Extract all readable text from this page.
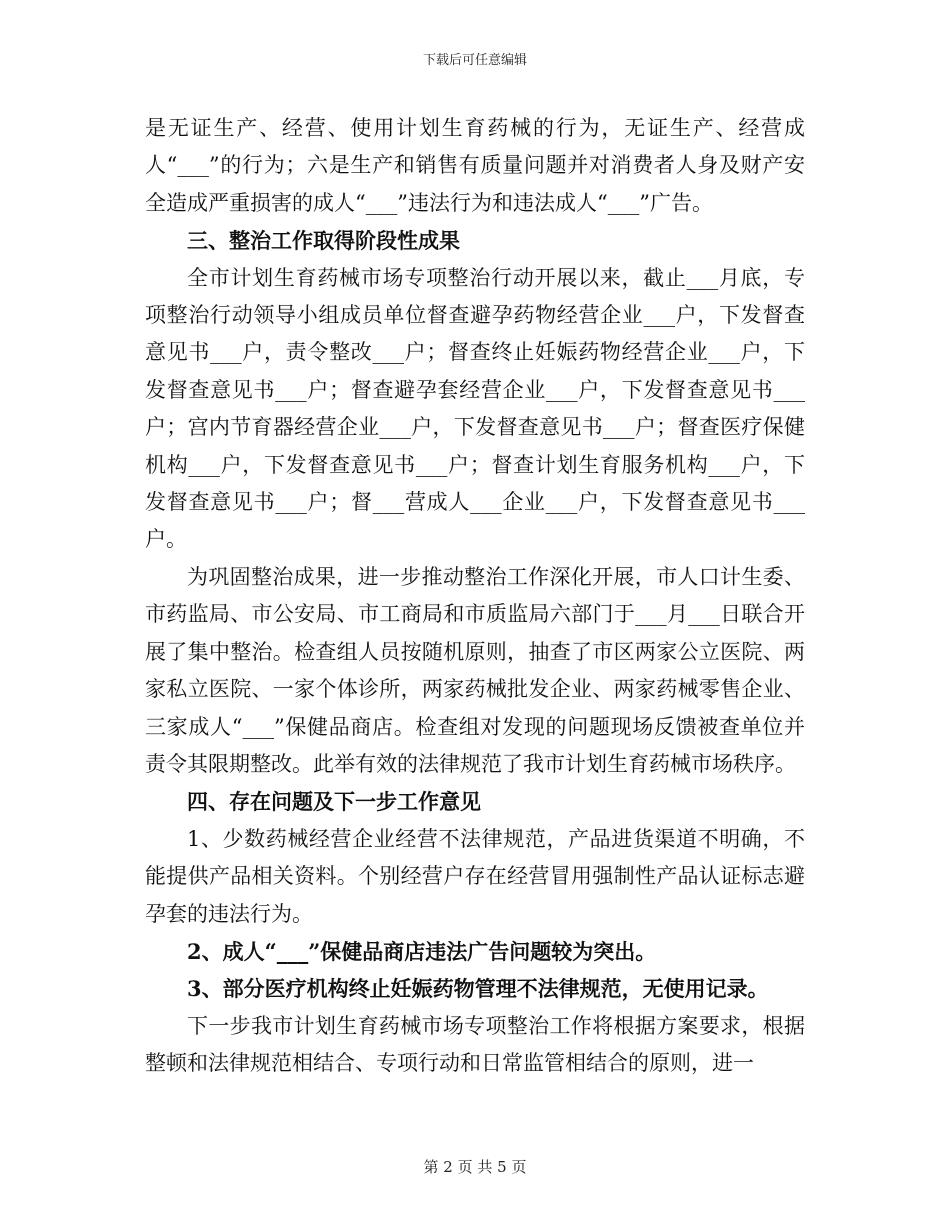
下载后可任意编辑

是无证生产、经营、使用计划生育药械的行为，无证生产、经营成人“___”的行为；六是生产和销售有质量问题并对消费者人身及财产安全造成严重损害的成人“___”违法行为和违法成人“___”广告。

三、整治工作取得阶段性成果

全市计划生育药械市场专项整治行动开展以来，截止___月底，专项整治行动领导小组成员单位督查避孕药物经营企业___户，下发督查意见书___户，责令整改___户；督查终止妊娠药物经营企业___户，下发督查意见书___户；督查避孕套经营企业___户，下发督查意见书___户；宫内节育器经营企业___户，下发督查意见书___户；督查医疗保健机构___户，下发督查意见书___户；督查计划生育服务机构___户，下发督查意见书___户；督___营成人___企业___户，下发督查意见书___户。

为巩固整治成果，进一步推动整治工作深化开展，市人口计生委、市药监局、市公安局、市工商局和市质监局六部门于___月___日联合开展了集中整治。检查组人员按随机原则，抽查了市区两家公立医院、两家私立医院、一家个体诊所，两家药械批发企业、两家药械零售企业、三家成人“___”保健品商店。检查组对发现的问题现场反馈被查单位并责令其限期整改。此举有效的法律规范了我市计划生育药械市场秩序。

四、存在问题及下一步工作意见

1、少数药械经营企业经营不法律规范，产品进货渠道不明确，不能提供产品相关资料。个别经营户存在经营冒用强制性产品认证标志避孕套的违法行为。

2、成人“___”保健品商店违法广告问题较为突出。

3、部分医疗机构终止妊娠药物管理不法律规范，无使用记录。

下一步我市计划生育药械市场专项整治工作将根据方案要求，根据整顿和法律规范相结合、专项行动和日常监管相结合的原则，进一

第 2 页 共 5 页
